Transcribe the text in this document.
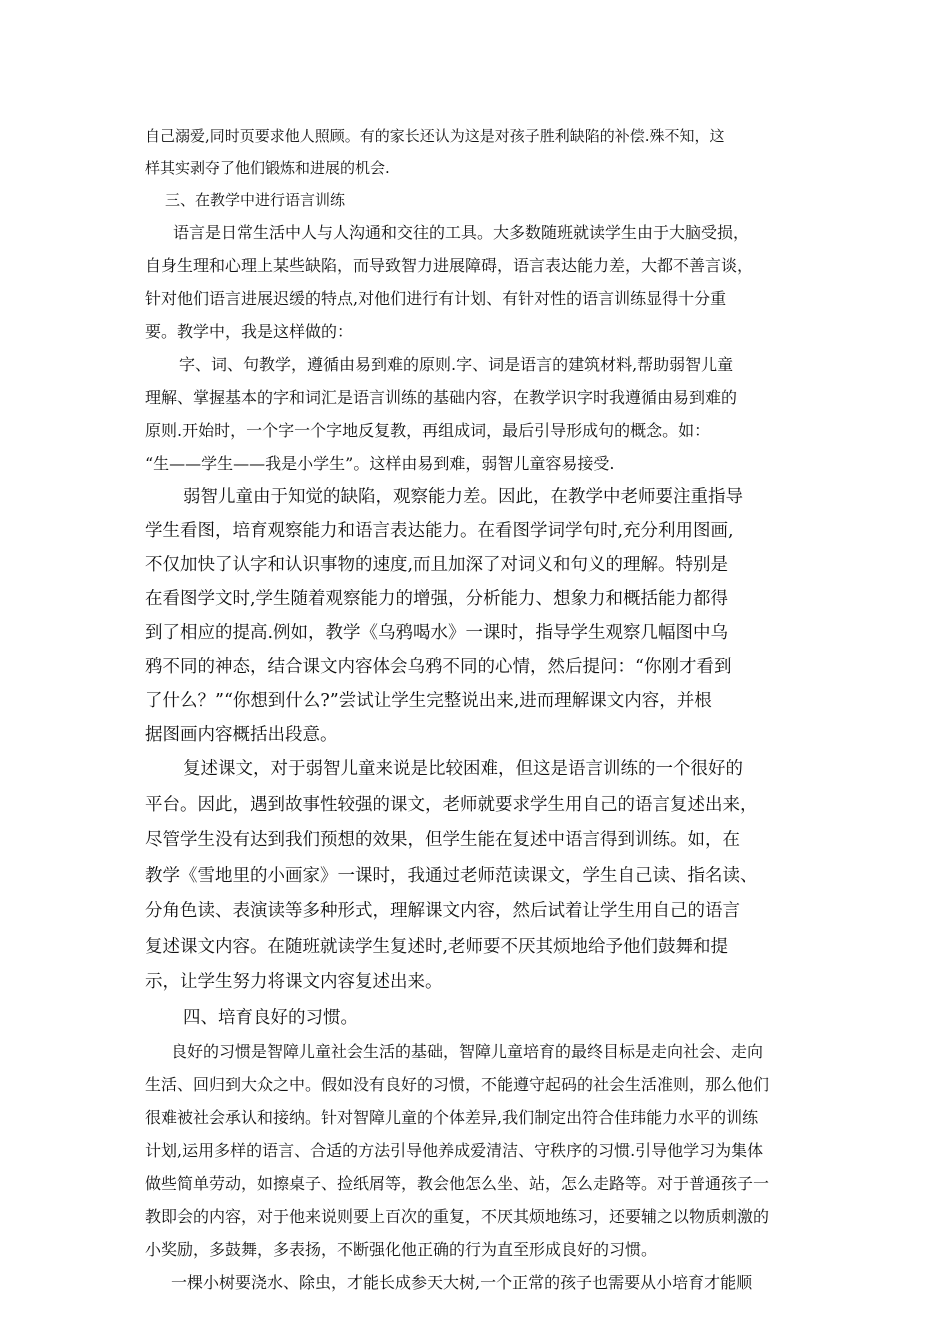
自己溺爱,同时页要求他人照顾。有的家长还认为这是对孩子胜利缺陷的补偿.殊不知，这
样其实剥夺了他们锻炼和进展的机会.
三、在教学中进行语言训练
语言是日常生活中人与人沟通和交往的工具。大多数随班就读学生由于大脑受损，
自身生理和心理上某些缺陷，而导致智力进展障碍，语言表达能力差，大都不善言谈，
针对他们语言进展迟缓的特点,对他们进行有计划、有针对性的语言训练显得十分重
要。教学中，我是这样做的：
字、词、句教学，遵循由易到难的原则.字、词是语言的建筑材料,帮助弱智儿童
理解、掌握基本的字和词汇是语言训练的基础内容，在教学识字时我遵循由易到难的
原则.开始时，一个字一个字地反复教，再组成词，最后引导形成句的概念。如：
“生——学生——我是小学生”。这样由易到难，弱智儿童容易接受.
弱智儿童由于知觉的缺陷，观察能力差。因此，在教学中老师要注重指导
学生看图，培育观察能力和语言表达能力。在看图学词学句时,充分利用图画,
不仅加快了认字和认识事物的速度,而且加深了对词义和句义的理解。特别是
在看图学文时,学生随着观察能力的增强，分析能力、想象力和概括能力都得
到了相应的提高.例如，教学《乌鸦喝水》一课时，指导学生观察几幅图中乌
鸦不同的神态，结合课文内容体会乌鸦不同的心情，然后提问：“你刚才看到
了什么？”“你想到什么?”尝试让学生完整说出来,进而理解课文内容，并根
据图画内容概括出段意。
复述课文，对于弱智儿童来说是比较困难，但这是语言训练的一个很好的
平台。因此，遇到故事性较强的课文，老师就要求学生用自己的语言复述出来，
尽管学生没有达到我们预想的效果，但学生能在复述中语言得到训练。如，在
教学《雪地里的小画家》一课时，我通过老师范读课文，学生自己读、指名读、
分角色读、表演读等多种形式，理解课文内容，然后试着让学生用自己的语言
复述课文内容。在随班就读学生复述时,老师要不厌其烦地给予他们鼓舞和提
示，让学生努力将课文内容复述出来。
四、培育良好的习惯。
良好的习惯是智障儿童社会生活的基础，智障儿童培育的最终目标是走向社会、走向
生活、回归到大众之中。假如没有良好的习惯，不能遵守起码的社会生活准则，那么他们
很难被社会承认和接纳。针对智障儿童的个体差异,我们制定出符合佳玮能力水平的训练
计划,运用多样的语言、合适的方法引导他养成爱清洁、守秩序的习惯.引导他学习为集体
做些简单劳动，如擦桌子、捡纸屑等，教会他怎么坐、站，怎么走路等。对于普通孩子一
教即会的内容，对于他来说则要上百次的重复，不厌其烦地练习，还要辅之以物质刺激的
小奖励，多鼓舞，多表扬，不断强化他正确的行为直至形成良好的习惯。
一棵小树要浇水、除虫，才能长成参天大树,一个正常的孩子也需要从小培育才能顺
